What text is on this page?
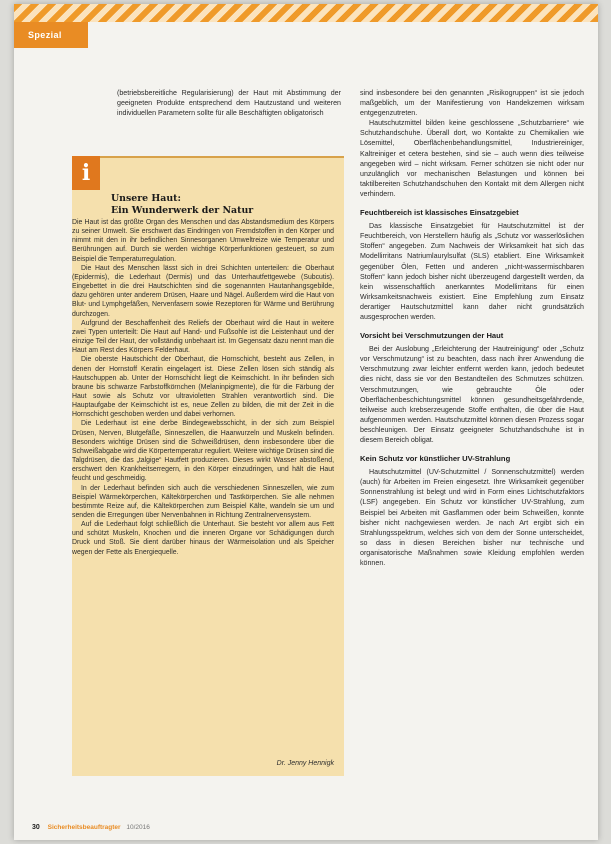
Spezial

(betriebsbereitliche Regularisierung) der Haut mit Abstimmung der geeigneten Produkte entsprechend dem Hautzustand und weiteren individuellen Parametern sollte für alle Beschäftigten obligatorisch

i

Unsere Haut:
Ein Wunderwerk der Natur

Die Haut ist das größte Organ des Menschen und das Abstandsmedium des Körpers zu seiner Umwelt. Sie erschwert das Eindringen von Fremdstoffen in den Körper und nimmt mit den in ihr befindlichen Sinnesorganen Umweltreize wie Temperatur und Berührungen auf. Durch sie werden wichtige Körperfunktionen gesteuert, so zum Beispiel die Temperaturregulation.

Die Haut des Menschen lässt sich in drei Schichten unterteilen: die Oberhaut (Epidermis), die Lederhaut (Dermis) und das Unterhautfettgewebe (Subcutis). Eingebettet in die drei Hautschichten sind die sogenannten Hautanhangsgebilde, dazu gehören unter anderem Drüsen, Haare und Nägel. Außerdem wird die Haut von Blut- und Lymphgefäßen, Nervenfasern sowie Rezeptoren für Wärme und Berührung durchzogen.

Aufgrund der Beschaffenheit des Reliefs der Oberhaut wird die Haut in weitere zwei Typen unterteilt: Die Haut auf Hand- und Fußsohle ist die Leistenhaut und der einzige Teil der Haut, der vollständig unbehaart ist. Im Gegensatz dazu nennt man die Haut am Rest des Körpers Felderhaut.

Die oberste Hautschicht der Oberhaut, die Hornschicht, besteht aus Zellen, in denen der Hornstoff Keratin eingelagert ist. Diese Zellen lösen sich ständig als Hautschuppen ab. Unter der Hornschicht liegt die Keimschicht. In ihr befinden sich braune bis schwarze Farbstoffkörnchen (Melaninpigmente), die für die Färbung der Haut sowie als Schutz vor ultravioletten Strahlen verantwortlich sind. Die Hauptaufgabe der Keimschicht ist es, neue Zellen zu bilden, die mit der Zeit in die Hornschicht geschoben werden und dabei verhornen.

Die Lederhaut ist eine derbe Bindegewebsschicht, in der sich zum Beispiel Drüsen, Nerven, Blutgefäße, Sinneszellen, die Haarwurzeln und Muskeln befinden. Besonders wichtige Drüsen sind die Schweißdrüsen, denn insbesondere über die Schweißabgabe wird die Körpertemperatur reguliert. Weitere wichtige Drüsen sind die Talgdrüsen, die das „talgige“ Hautfett produzieren. Dieses wirkt Wasser abstoßend, erschwert den Krankheitserregern, in den Körper einzudringen, und hält die Haut feucht und geschmeidig.

In der Lederhaut befinden sich auch die verschiedenen Sinneszellen, wie zum Beispiel Wärmekörperchen, Kältekörperchen und Tastkörperchen. Sie alle nehmen bestimmte Reize auf, die Kältekörperchen zum Beispiel Kälte, wandeln sie um und senden die Erregungen über Nervenbahnen in Richtung Zentralnervensystem.

Auf die Lederhaut folgt schließlich die Unterhaut. Sie besteht vor allem aus Fett und schützt Muskeln, Knochen und die inneren Organe vor Schädigungen durch Druck und Stoß. Sie dient darüber hinaus der Wärmeisolation und als Speicher wegen der Fette als Energiequelle.

Dr. Jenny Hennigk

sind insbesondere bei den genannten „Risikogruppen“ ist sie jedoch maßgeblich, um der Manifestierung von Handekzemen wirksam entgegenzutreten.

Hautschutzmittel bilden keine geschlossene „Schutzbarriere“ wie Schutzhandschuhe. Überall dort, wo Kontakte zu Chemikalien wie Lösemittel, Oberflächenbehandlungsmittel, Industriereiniger, Kaltreiniger et cetera bestehen, sind sie – auch wenn dies teilweise angegeben wird – nicht wirksam. Ferner schützen sie nicht oder nur unzulänglich vor mechanischen Belastungen und können bei taktilbereiten Schutzhandschuhen den Kontakt mit dem Allergen nicht verhindern.

Feuchtbereich ist klassisches Einsatzgebiet

Das klassische Einsatzgebiet für Hautschutzmittel ist der Feuchtbereich, von Herstellern häufig als „Schutz vor wasserlöslichen Stoffen“ angegeben. Zum Nachweis der Wirksamkeit hat sich das Modellirritans Natriumlaurylsulfat (SLS) etabliert. Eine Wirksamkeit gegenüber Ölen, Fetten und anderen „nicht-wassermischbaren Stoffen“ kann jedoch bisher nicht überzeugend dargestellt werden, da kein wissenschaftlich anerkanntes Modellirritans für einen Wirksamkeitsnachweis existiert. Eine Empfehlung zum Einsatz derartiger Hautschutzmittel kann daher nicht grundsätzlich ausgesprochen werden.

Vorsicht bei Verschmutzungen der Haut

Bei der Auslobung „Erleichterung der Hautreinigung“ oder „Schutz vor Verschmutzung“ ist zu beachten, dass nach ihrer Anwendung die Verschmutzung zwar leichter entfernt werden kann, jedoch bedeutet dies nicht, dass sie vor den Bestandteilen des Schmutzes schützen. Verschmutzungen, wie gebrauchte Öle oder Oberflächenbeschichtungsmittel können gesundheitsgefährdende, teilweise auch krebserzeugende Stoffe enthalten, die über die Haut aufgenommen werden. Hautschutzmittel können diesen Prozess sogar beschleunigen. Der Einsatz geeigneter Schutzhandschuhe ist in diesem Bereich obligat.

Kein Schutz vor künstlicher UV-Strahlung

Hautschutzmittel (UV-Schutzmittel / Sonnenschutzmittel) werden (auch) für Arbeiten im Freien eingesetzt. Ihre Wirksamkeit gegenüber Sonnenstrahlung ist belegt und wird in Form eines Lichtschutzfaktors (LSF) angegeben. Ein Schutz vor künstlicher UV-Strahlung, zum Beispiel bei Arbeiten mit Gasflammen oder beim Schweißen, konnte bisher nicht nachgewiesen werden. Je nach Art ergibt sich ein Strahlungsspektrum, welches sich von dem der Sonne unterscheidet, so dass in diesen Bereichen bisher nur technische und organisatorische Maßnahmen sowie Kleidung empfohlen werden können.

30 Sicherheitsbeauftragter 10/2016
